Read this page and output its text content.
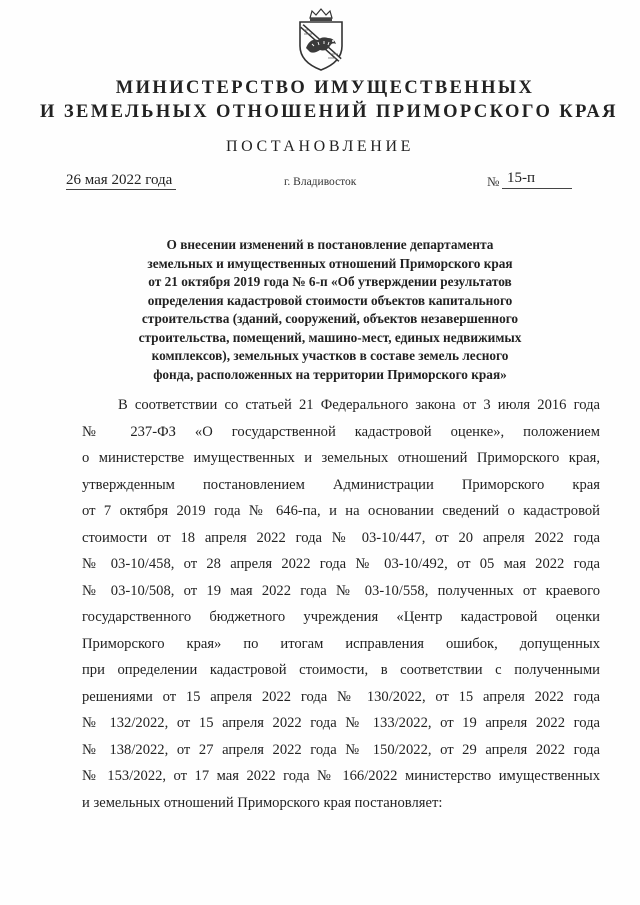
МИНИСТЕРСТВО ИМУЩЕСТВЕННЫХ
И ЗЕМЕЛЬНЫХ ОТНОШЕНИЙ ПРИМОРСКОГО КРАЯ
ПОСТАНОВЛЕНИЕ
26 мая 2022 года	г. Владивосток	№ 15-п
О внесении изменений в постановление департамента
земельных и имущественных отношений Приморского края
от 21 октября 2019 года № 6-п «Об утверждении результатов
определения кадастровой стоимости объектов капитального
строительства (зданий, сооружений, объектов незавершенного
строительства, помещений, машино-мест, единых недвижимых
комплексов), земельных участков в составе земель лесного
фонда, расположенных на территории Приморского края»
В соответствии со статьей 21 Федерального закона от 3 июля 2016 года
№ 237-ФЗ «О государственной кадастровой оценке», положением
о министерстве имущественных и земельных отношений Приморского края,
утвержденным постановлением Администрации Приморского края
от 7 октября 2019 года № 646-па, и на основании сведений о кадастровой
стоимости от 18 апреля 2022 года № 03-10/447, от 20 апреля 2022 года
№ 03-10/458, от 28 апреля 2022 года № 03-10/492, от 05 мая 2022 года
№ 03-10/508, от 19 мая 2022 года № 03-10/558, полученных от краевого
государственного бюджетного учреждения «Центр кадастровой оценки
Приморского края» по итогам исправления ошибок, допущенных
при определении кадастровой стоимости, в соответствии с полученными
решениями от 15 апреля 2022 года № 130/2022, от 15 апреля 2022 года
№ 132/2022, от 15 апреля 2022 года № 133/2022, от 19 апреля 2022 года
№ 138/2022, от 27 апреля 2022 года № 150/2022, от 29 апреля 2022 года
№ 153/2022, от 17 мая 2022 года № 166/2022 министерство имущественных
и земельных отношений Приморского края постановляет:
